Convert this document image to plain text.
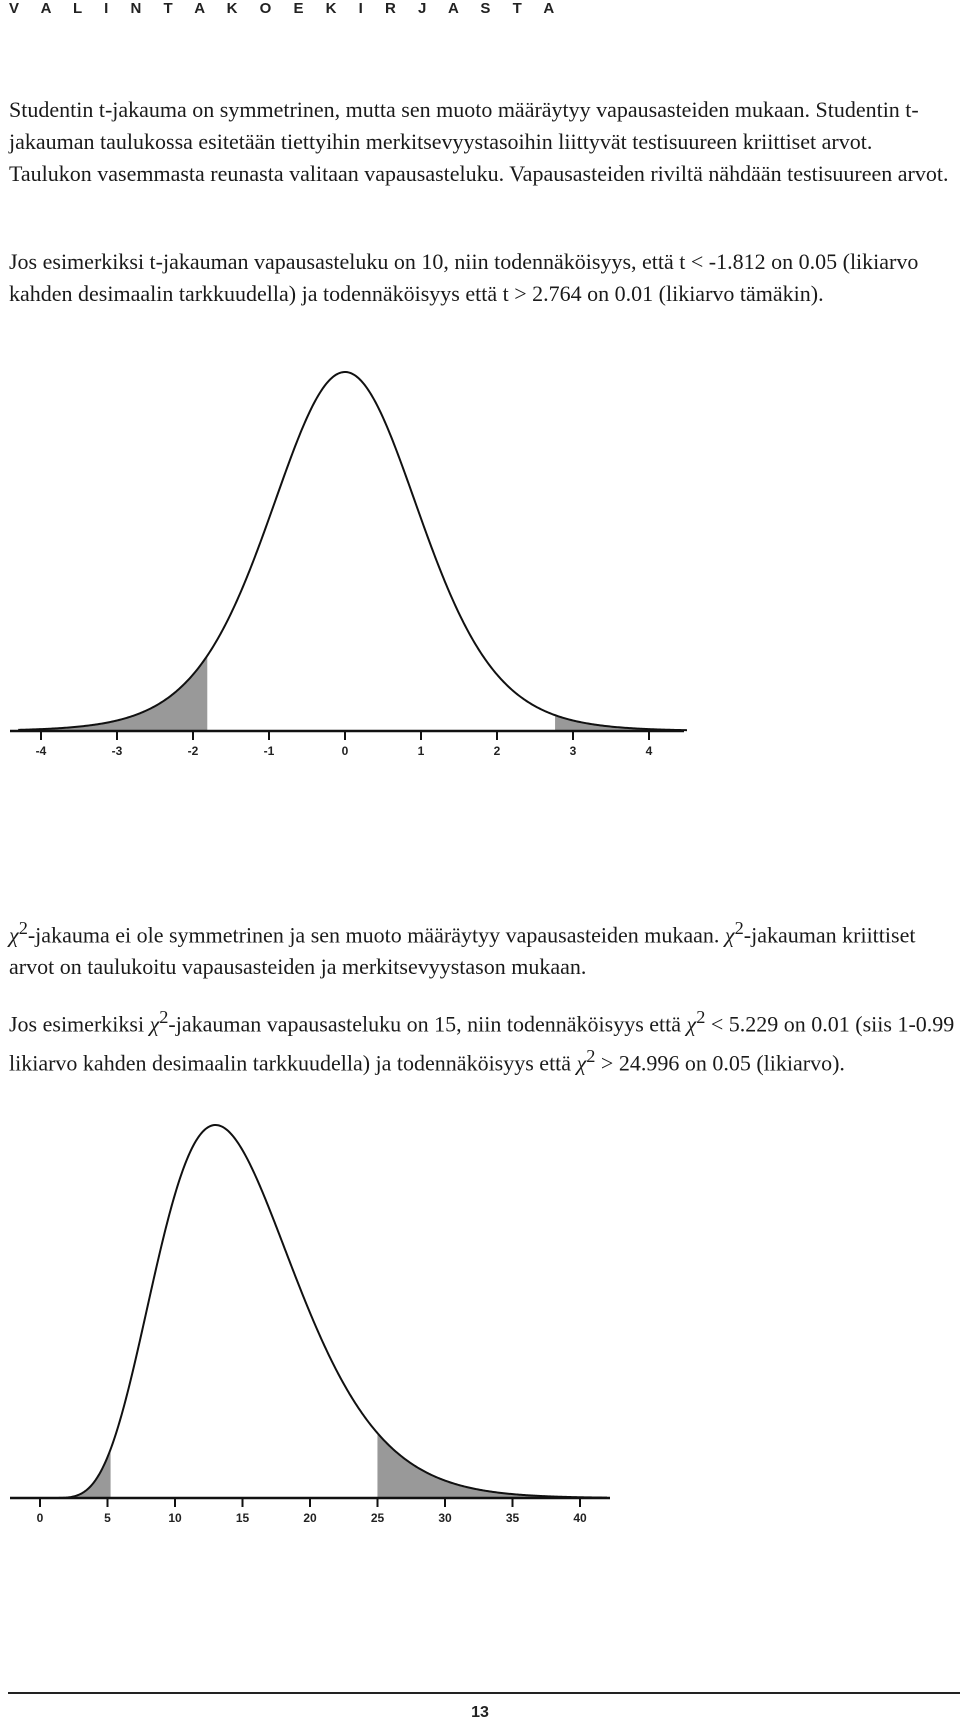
V A L I N T A K O E K I R J A S T A

Studentin t-jakauma on symmetrinen, mutta sen muoto määräytyy vapausasteiden mukaan. Studentin t-jakauman taulukossa esitetään tiettyihin merkitsevyystasoihin liittyvät testisuureen kriittiset arvot. Taulukon vasemmasta reunasta valitaan vapausasteluku. Vapausasteiden riviltä nähdään testisuureen arvot.

Jos esimerkiksi t-jakauman vapausasteluku on 10, niin todennäköisyys, että t < -1.812 on 0.05 (likiarvo kahden desimaalin tarkkuudella) ja todennäköisyys että t > 2.764 on 0.01 (likiarvo tämäkin).

-4	-3	-2	-1	0	1	2	3	4

$\chi^2$-jakauma ei ole symmetrinen ja sen muoto määräytyy vapausasteiden mukaan. $\chi^2$-jakauman kriittiset arvot on taulukoitu vapausasteiden ja merkitsevyystason mukaan.

Jos esimerkiksi $\chi^2$-jakauman vapausasteluku on 15, niin todennäköisyys että $\chi^2 < 5.229$ on 0.01 (siis 1-0.99 likiarvo kahden desimaalin tarkkuudella) ja todennäköisyys että $\chi^2 > 24.996$ on 0.05 (likiarvo).

0	5	10	15	20	25	30	35	40
13
